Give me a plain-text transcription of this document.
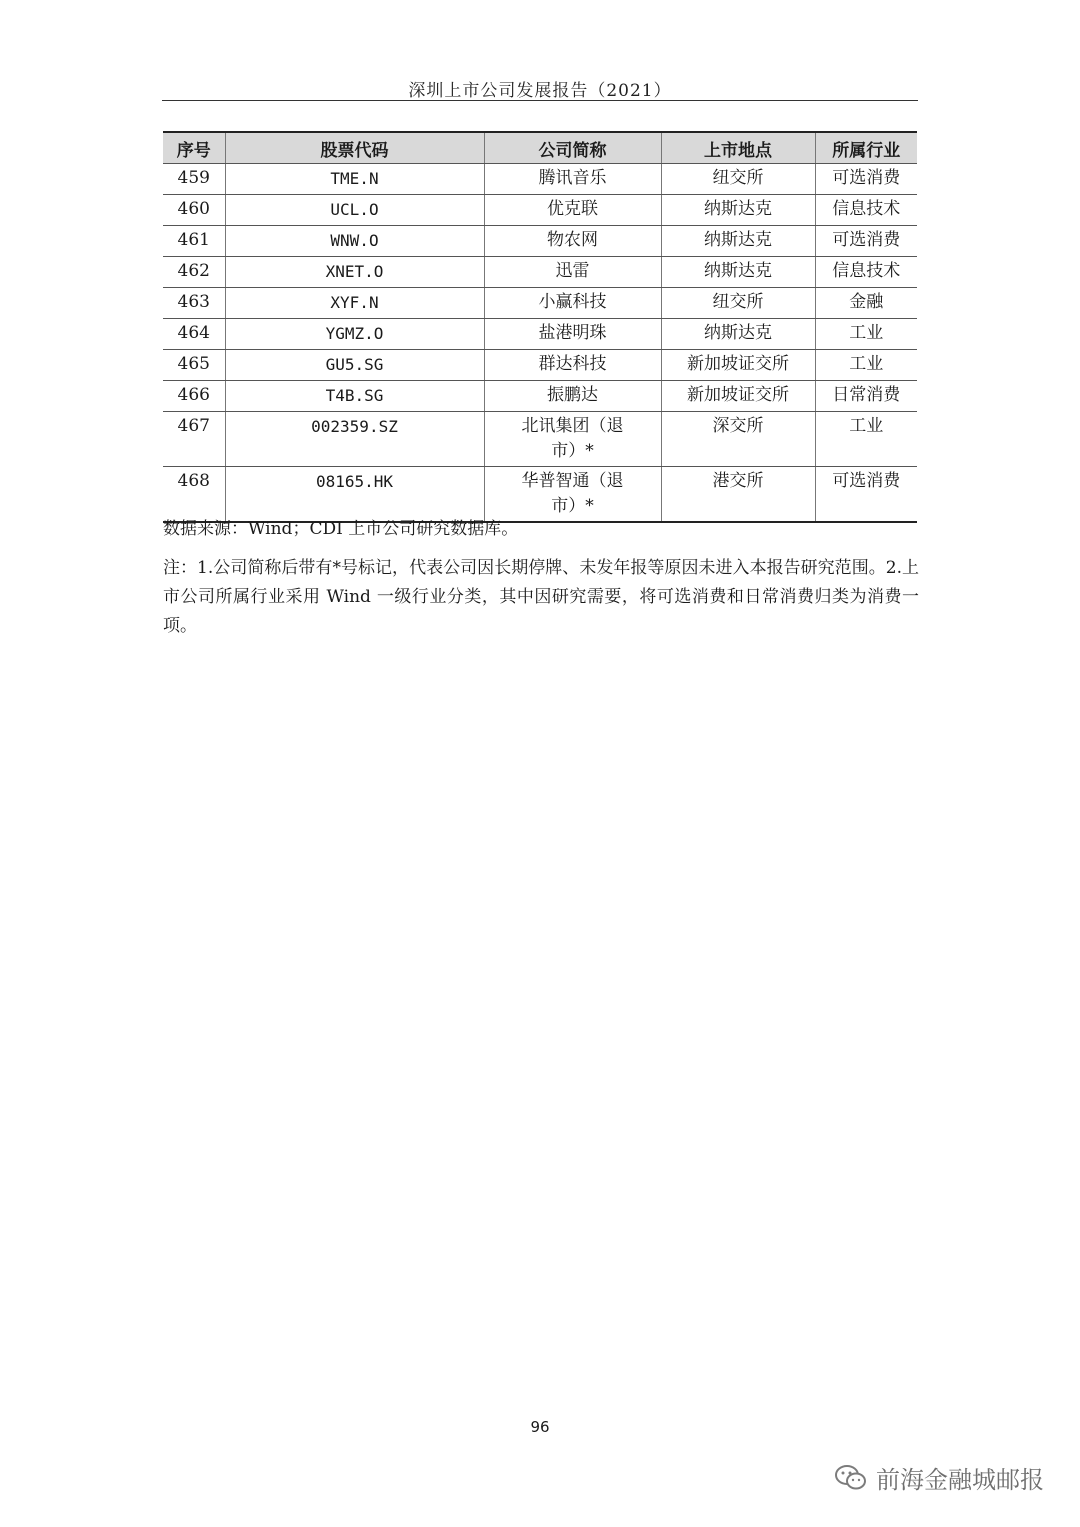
深圳上市公司发展报告（2021）
序号	股票代码	公司简称	上市地点	所属行业
459	TME.N	腾讯音乐	纽交所	可选消费
460	UCL.O	优克联	纳斯达克	信息技术
461	WNW.O	物农网	纳斯达克	可选消费
462	XNET.O	迅雷	纳斯达克	信息技术
463	XYF.N	小赢科技	纽交所	金融
464	YGMZ.O	盐港明珠	纳斯达克	工业
465	GU5.SG	群达科技	新加坡证交所	工业
466	T4B.SG	振鹏达	新加坡证交所	日常消费
467	002359.SZ	北讯集团（退市）*	深交所	工业
468	08165.HK	华普智通（退市）*	港交所	可选消费
数据来源：Wind；CDI 上市公司研究数据库。
注：1.公司简称后带有*号标记，代表公司因长期停牌、未发年报等原因未进入本报告研究范围。2.上市公司所属行业采用 Wind 一级行业分类，其中因研究需要，将可选消费和日常消费归类为消费一项。
96
前海金融城邮报
